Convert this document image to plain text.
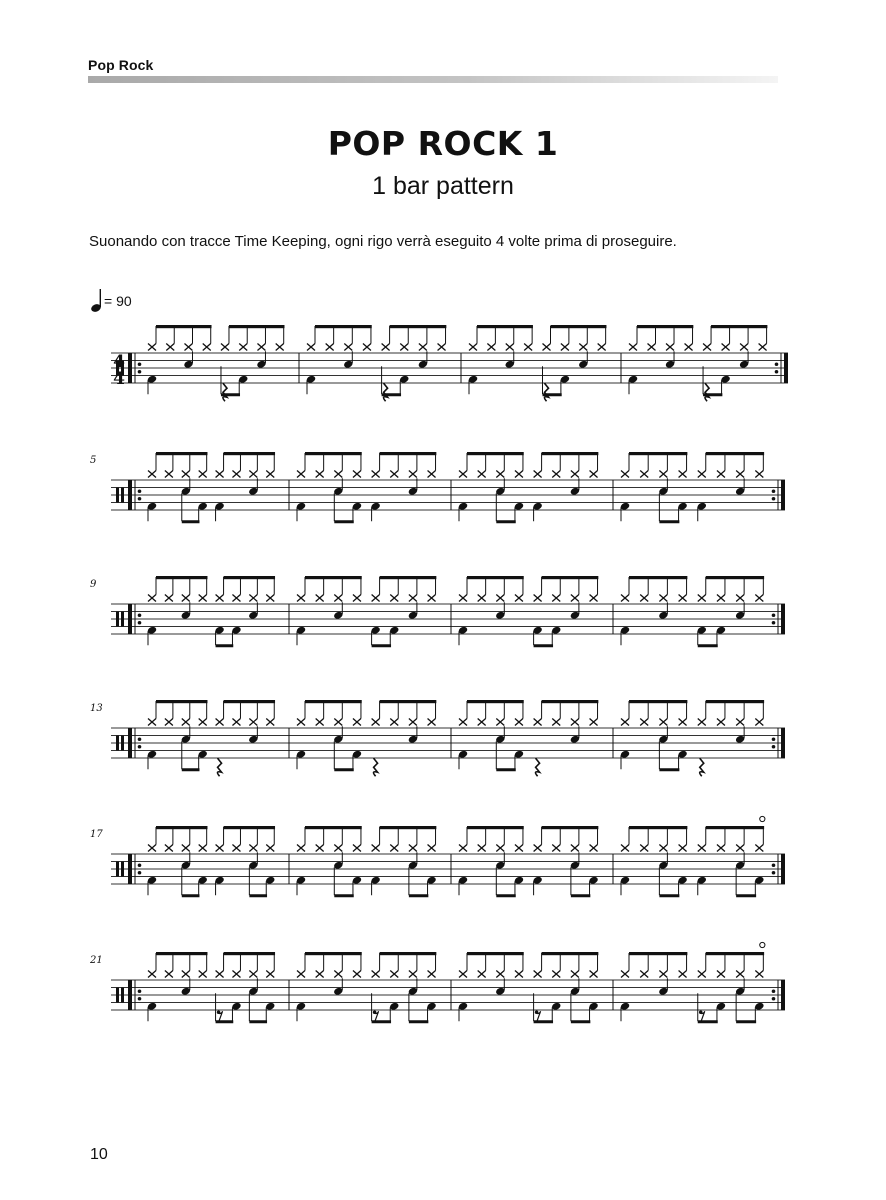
Pop Rock
POP ROCK 1
1 bar pattern
Suonando con tracce Time Keeping, ogni rigo verrà eseguito 4 volte prima di proseguire.
= 90
4
4
5
9
13
17
21
10
